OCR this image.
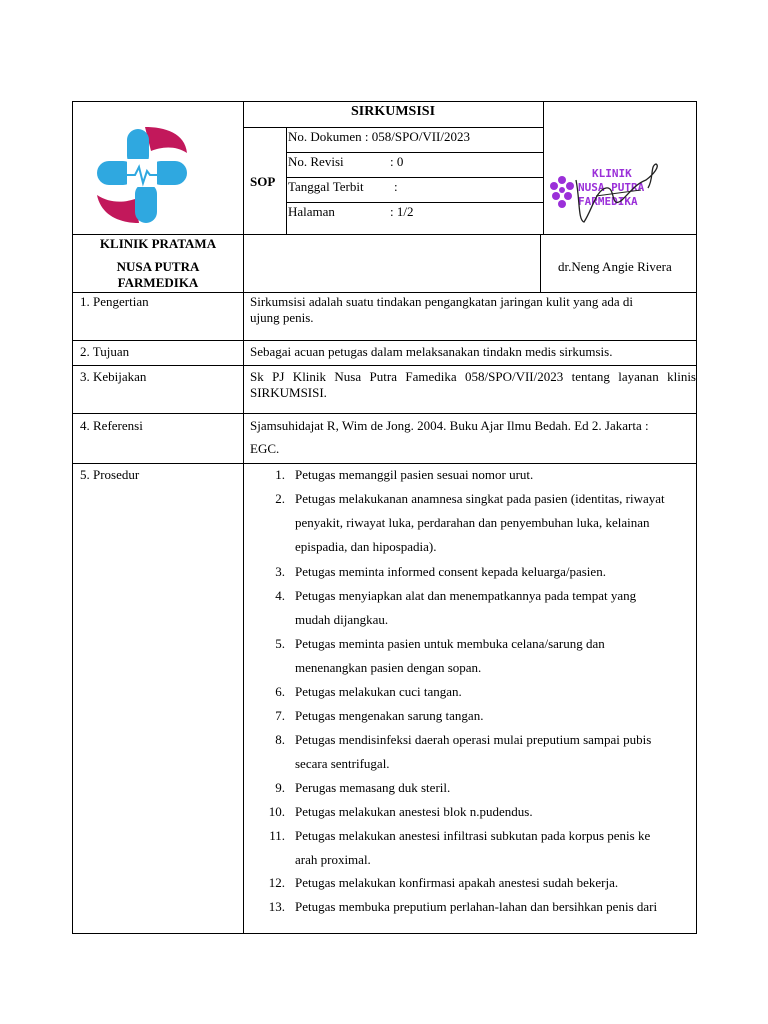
SIRKUMSISI
SOP
No. Dokumen : 058/SPO/VII/2023
No. Revisi	: 0
Tanggal Terbit :
Halaman	: 1/2
KLINIK
NUSA PUTRA
FARMEDIKA
KLINIK PRATAMA
NUSA PUTRA
FARMEDIKA
dr.Neng Angie Rivera
1. Pengertian	Sirkumsisi adalah suatu tindakan pengangkatan jaringan kulit yang ada di
ujung penis.
2. Tujuan	Sebagai acuan petugas dalam melaksanakan tindakn medis sirkumsis.
3. Kebijakan	Sk PJ Klinik Nusa Putra Famedika 058/SPO/VII/2023 tentang layanan klinis
SIRKUMSISI.
4. Referensi	Sjamsuhidajat R, Wim de Jong. 2004. Buku Ajar Ilmu Bedah. Ed 2. Jakarta :
EGC.
5. Prosedur	1. Petugas memanggil pasien sesuai nomor urut.
2. Petugas melakukanan anamnesa singkat pada pasien (identitas, riwayat
penyakit, riwayat luka, perdarahan dan penyembuhan luka, kelainan
epispadia, dan hipospadia).
3. Petugas meminta informed consent kepada keluarga/pasien.
4. Petugas menyiapkan alat dan menempatkannya pada tempat yang
mudah dijangkau.
5. Petugas meminta pasien untuk membuka celana/sarung dan
menenangkan pasien dengan sopan.
6. Petugas melakukan cuci tangan.
7. Petugas mengenakan sarung tangan.
8. Petugas mendisinfeksi daerah operasi mulai preputium sampai pubis
secara sentrifugal.
9. Perugas memasang duk steril.
10. Petugas melakukan anestesi blok n.pudendus.
11. Petugas melakukan anestesi infiltrasi subkutan pada korpus penis ke
arah proximal.
12. Petugas melakukan konfirmasi apakah anestesi sudah bekerja.
13. Petugas membuka preputium perlahan-lahan dan bersihkan penis dari
